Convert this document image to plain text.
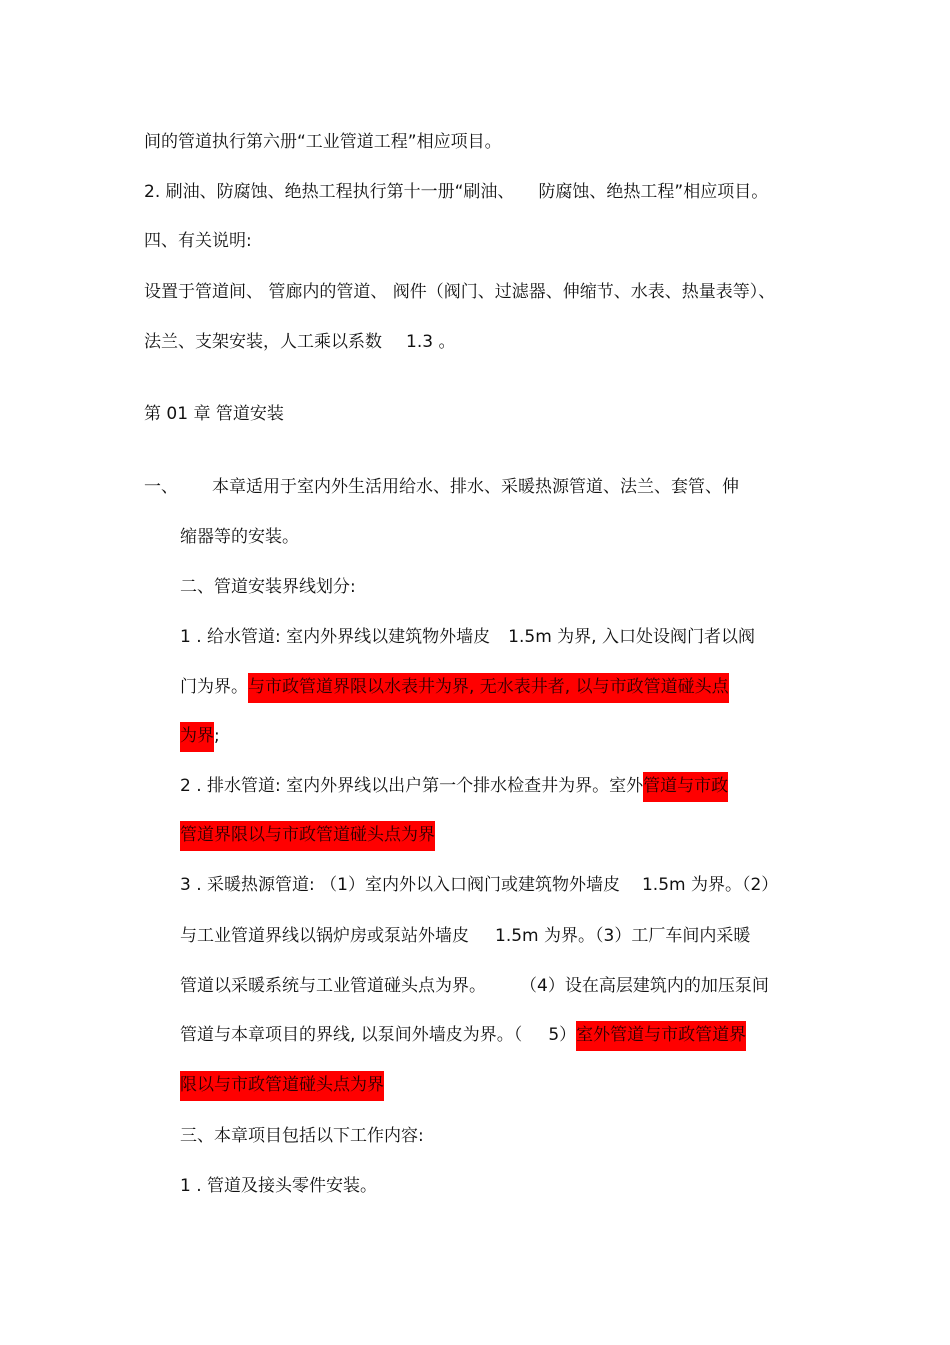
间的管道执行第六册“工业管道工程”相应项目。
2. 刷油、防腐蚀、绝热工程执行第十一册“刷油、 防腐蚀、绝热工程”相应项目。
四、有关说明:
设置于管道间、 管廊内的管道、 阀件（阀门、过滤器、伸缩节、水表、热量表等）、
法兰、支架安装，人工乘以系数 1.3 。
第 01 章 管道安装
一、 本章适用于室内外生活用给水、排水、采暖热源管道、法兰、套管、伸
缩器等的安装。
二、管道安装界线划分:
1 . 给水管道: 室内外界线以建筑物外墙皮 1.5m 为界, 入口处设阀门者以阀
门为界。与市政管道界限以水表井为界, 无水表井者, 以与市政管道碰头点
为界;
2 . 排水管道: 室内外界线以出户第一个排水检查井为界。室外管道与市政
管道界限以与市政管道碰头点为界
3 . 采暖热源管道: （1）室内外以入口阀门或建筑物外墙皮 1.5m 为界。（2）
与工业管道界线以锅炉房或泵站外墙皮 1.5m 为界。（3）工厂车间内采暖
管道以采暖系统与工业管道碰头点为界。 （4）设在高层建筑内的加压泵间
管道与本章项目的界线, 以泵间外墙皮为界。（ 5）室外管道与市政管道界
限以与市政管道碰头点为界
三、本章项目包括以下工作内容:
1 . 管道及接头零件安装。
